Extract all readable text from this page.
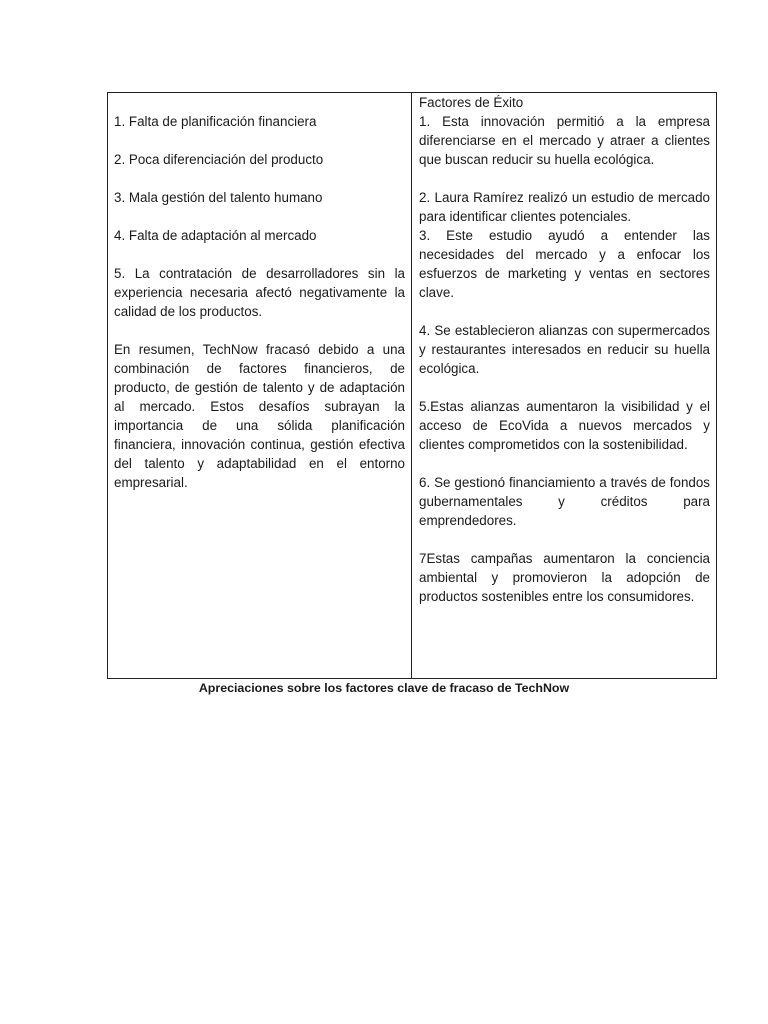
1. Falta de planificación financiera

2. Poca diferenciación del producto

3. Mala gestión del talento humano

4. Falta de adaptación al mercado

5. La contratación de desarrolladores sin la experiencia necesaria afectó negativamente la calidad de los productos.

En resumen, TechNow fracasó debido a una combinación de factores financieros, de producto, de gestión de talento y de adaptación al mercado. Estos desafíos subrayan la importancia de una sólida planificación financiera, innovación continua, gestión efectiva del talento y adaptabilidad en el entorno empresarial.

Factores de Éxito

1. Esta innovación permitió a la empresa diferenciarse en el mercado y atraer a clientes que buscan reducir su huella ecológica.

2. Laura Ramírez realizó un estudio de mercado para identificar clientes potenciales.

3. Este estudio ayudó a entender las necesidades del mercado y a enfocar los esfuerzos de marketing y ventas en sectores clave.

4. Se establecieron alianzas con supermercados y restaurantes interesados en reducir su huella ecológica.

5.Estas alianzas aumentaron la visibilidad y el acceso de EcoVida a nuevos mercados y clientes comprometidos con la sostenibilidad.

6. Se gestionó financiamiento a través de fondos gubernamentales y créditos para emprendedores.

7Estas campañas aumentaron la conciencia ambiental y promovieron la adopción de productos sostenibles entre los consumidores.

Apreciaciones sobre los factores clave de fracaso de TechNow
